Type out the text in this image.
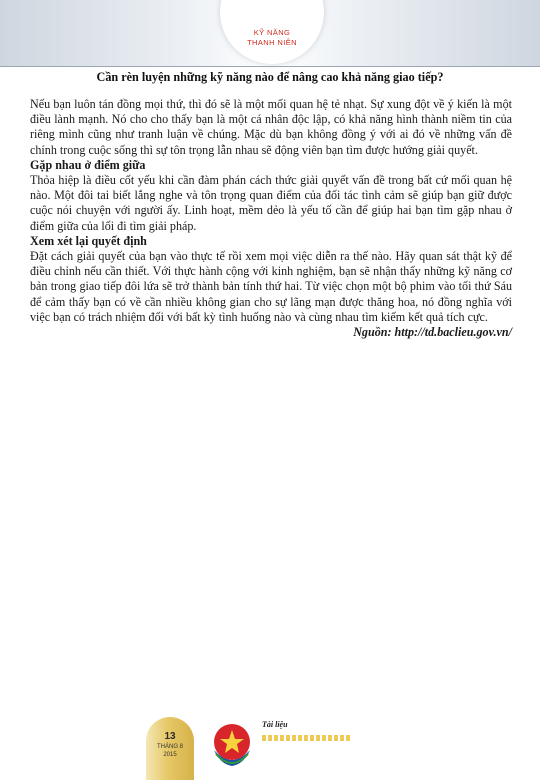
KỸ NĂNG
THANH NIÊN
Cần rèn luyện những kỹ năng nào để nâng cao khả năng giao tiếp?

Nếu bạn luôn tán đồng mọi thứ, thì đó sẽ là một mối quan hệ tẻ nhạt. Sự xung đột về ý kiến là một điều lành mạnh. Nó cho cho thấy bạn là một cá nhân độc lập, có khả năng hình thành niềm tin của riêng mình cũng như tranh luận về chúng. Mặc dù bạn không đồng ý với ai đó về những vấn đề chính trong cuộc sống thì sự tôn trọng lẫn nhau sẽ động viên bạn tìm được hướng giải quyết.

Gặp nhau ở điểm giữa

Thỏa hiệp là điều cốt yếu khi cần đàm phán cách thức giải quyết vấn đề trong bất cứ mối quan hệ nào. Một đôi tai biết lắng nghe và tôn trọng quan điểm của đối tác tình cảm sẽ giúp bạn giữ được cuộc nói chuyện với người ấy. Linh hoạt, mềm dẻo là yếu tố cần để giúp hai bạn tìm gặp nhau ở điểm giữa của lối đi tìm giải pháp.

Xem xét lại quyết định

Đặt cách giải quyết của bạn vào thực tế rồi xem mọi việc diễn ra thế nào. Hãy quan sát thật kỹ để điều chỉnh nếu cần thiết. Với thực hành cộng với kinh nghiệm, bạn sẽ nhận thấy những kỹ năng cơ bản trong giao tiếp đôi lứa sẽ trở thành bản tính thứ hai. Từ việc chọn một bộ phim vào tối thứ Sáu để cảm thấy bạn có về cần nhiều không gian cho sự lãng mạn được thăng hoa, nó đồng nghĩa với việc bạn có trách nhiệm đối với bất kỳ tình huống nào và cùng nhau tìm kiếm kết quả tích cực.

Nguồn: http://td.baclieu.gov.vn/

13
THÁNG 8
2015
Tài liệu
